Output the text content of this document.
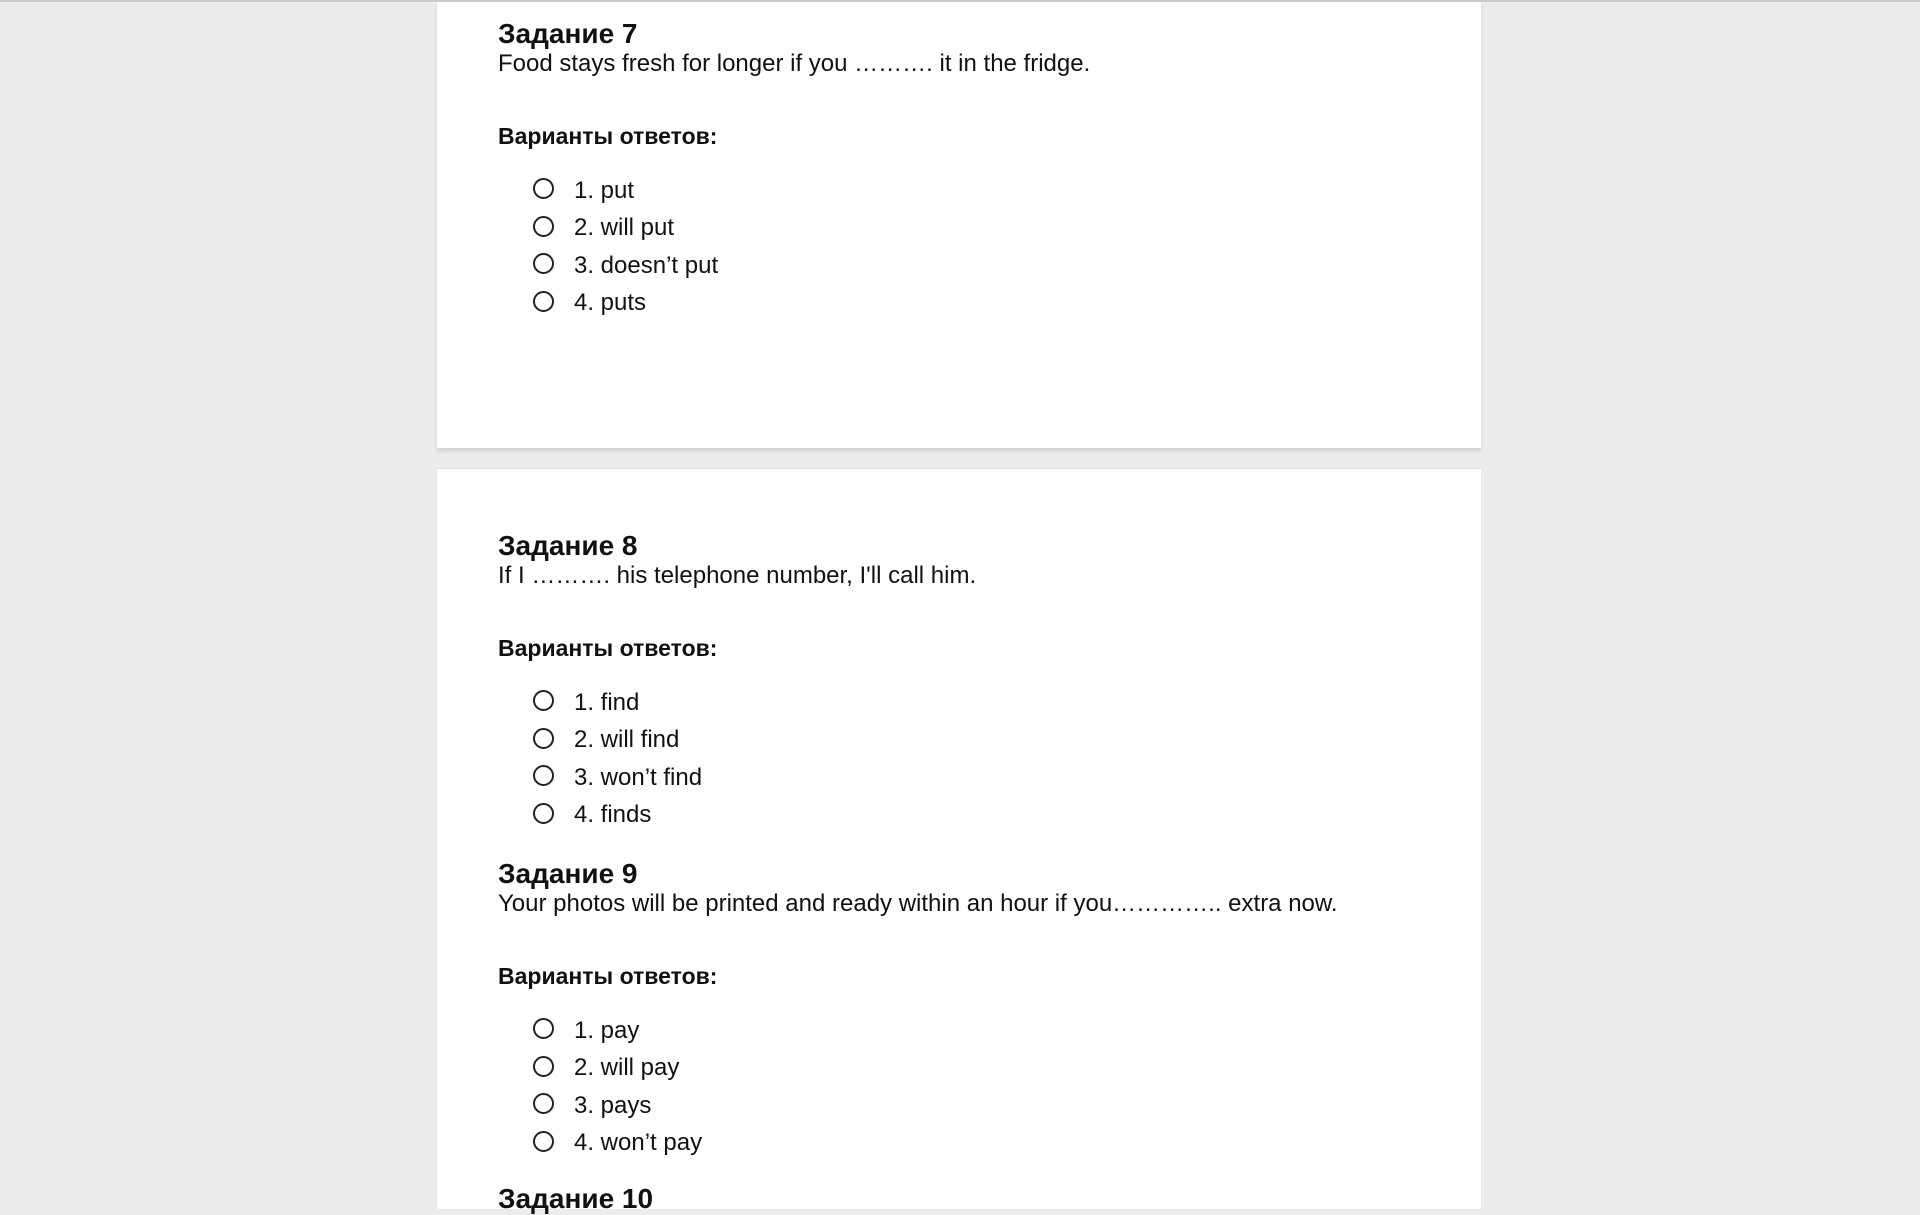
Задание 7
Food stays fresh for longer if you ………. it in the fridge.
Варианты ответов:
1. put
2. will put
3. doesn’t put
4. puts
Задание 8
If I ………. his telephone number, I'll call him.
Варианты ответов:
1. find
2. will find
3. won’t find
4. finds
Задание 9
Your photos will be printed and ready within an hour if you………….. extra now.
Варианты ответов:
1. pay
2. will pay
3. pays
4. won’t pay
Задание 10
